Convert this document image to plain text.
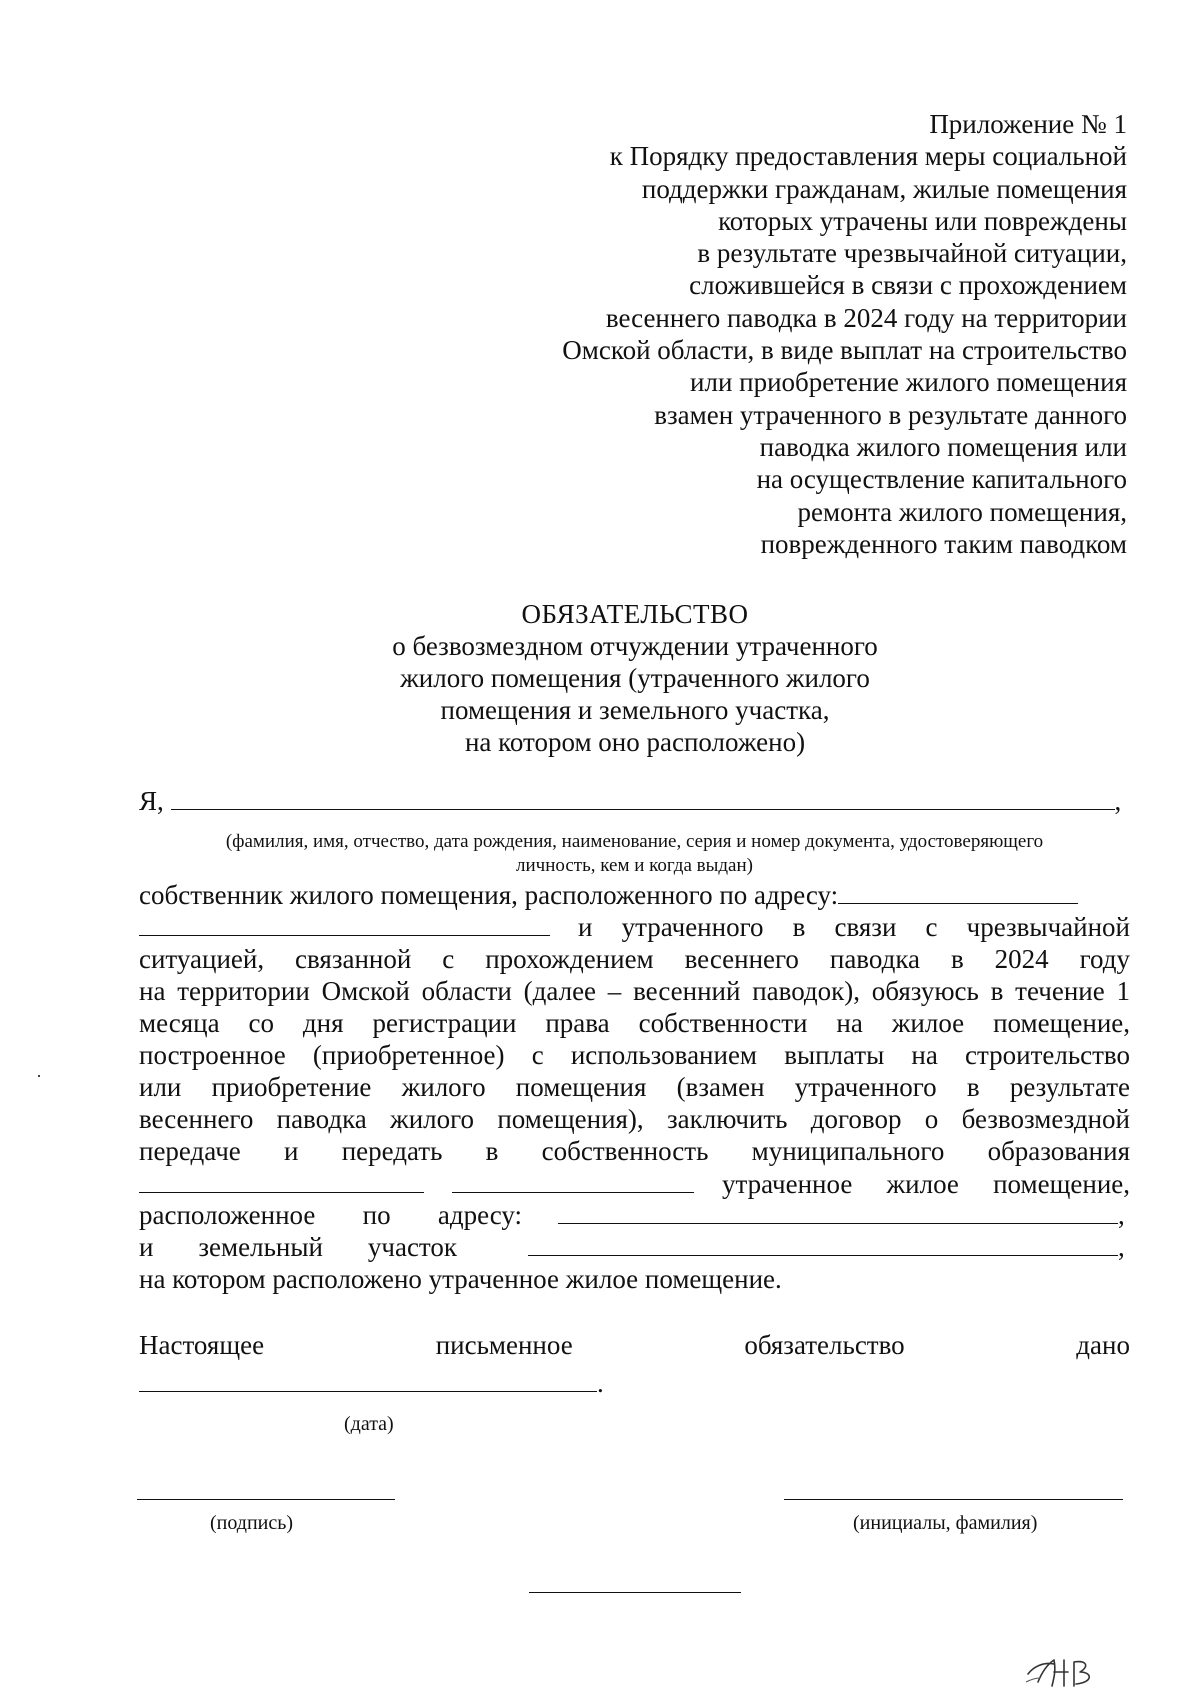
Приложение № 1
к Порядку предоставления меры социальной
поддержки гражданам, жилые помещения
которых утрачены или повреждены
в результате чрезвычайной ситуации,
сложившейся в связи с прохождением
весеннего паводка в 2024 году на территории
Омской области, в виде выплат на строительство
или приобретение жилого помещения
взамен утраченного в результате данного
паводка жилого помещения или
на осуществление капитального
ремонта жилого помещения,
поврежденного таким паводком
ОБЯЗАТЕЛЬСТВО
о безвозмездном отчуждении утраченного
жилого помещения (утраченного жилого
помещения и земельного участка,
на котором оно расположено)
Я,	,
(фамилия, имя, отчество, дата рождения, наименование, серия и номер документа, удостоверяющего
личность, кем и когда выдан)
собственник жилого помещения, расположенного по адресу:
и утраченного в связи с чрезвычайной
ситуацией, связанной с прохождением весеннего паводка в 2024 году
на территории Омской области (далее – весенний паводок), обязуюсь в течение 1
месяца со дня регистрации права собственности на жилое помещение,
построенное (приобретенное) с использованием выплаты на строительство
или приобретение жилого помещения (взамен утраченного в результате
весеннего паводка жилого помещения), заключить договор о безвозмездной
передаче и передать в собственность муниципального образования
утраченное жилое помещение,
расположенное по адресу:	,
и земельный участок	,
на котором расположено утраченное жилое помещение.
Настоящее	письменное	обязательство	дано
.
(дата)
(подпись)	(инициалы, фамилия)
